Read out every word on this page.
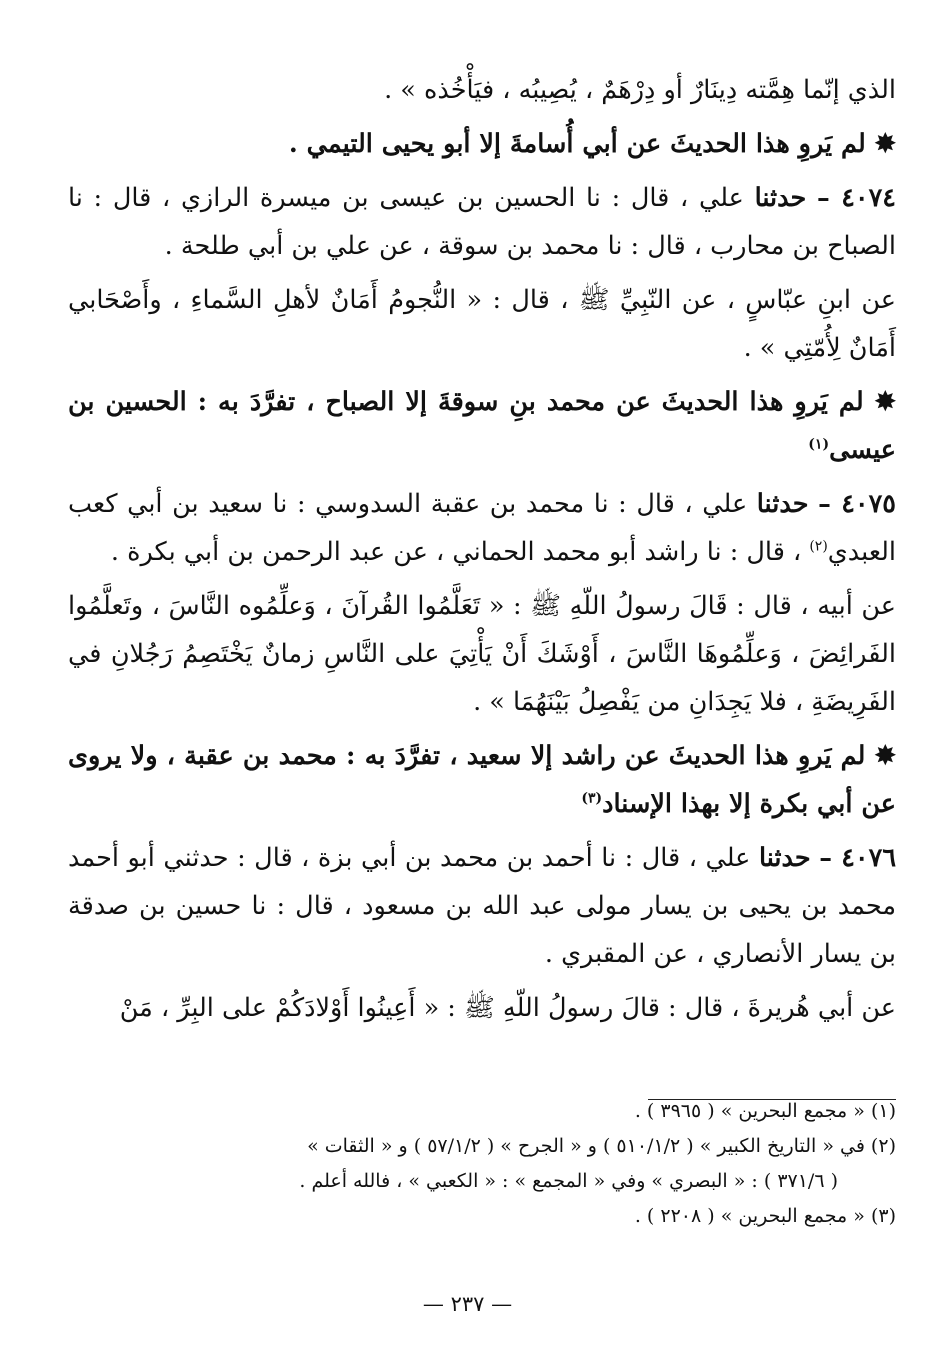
الذي إنّما هِمَّته دِينَارٌ أو دِرْهَمٌ ، يُصِيبُه ، فيَأْخُذه » .

✸ لم يَروِ هذا الحديثَ عن أبي أُسامةَ إلا أبو يحيى التيمي .

٤٠٧٤ – حدثنا علي ، قال : نا الحسين بن عيسى بن ميسرة الرازي ، قال : نا الصباح بن محارب ، قال : نا محمد بن سوقة ، عن علي بن أبي طلحة .

عن ابنِ عبّاسٍ ، عن النّبِيِّ ﷺ ، قال : « النُّجومُ أَمَانٌ لأهلِ السَّماءِ ، وأَصْحَابي أَمَانٌ لِأُمّتِي » .

✸ لم يَروِ هذا الحديثَ عن محمد بنِ سوقةَ إلا الصباح ، تفرَّدَ به : الحسين بن عيسى$^{(١)}$

٤٠٧٥ – حدثنا علي ، قال : نا محمد بن عقبة السدوسي : نا سعيد بن أبي كعب العبدي$^{(٢)}$ ، قال : نا راشد أبو محمد الحماني ، عن عبد الرحمن بن أبي بكرة .

عن أبيه ، قال : قَالَ رسولُ اللّهِ ﷺ : « تَعَلَّمُوا القُرآنَ ، وَعلِّمُوه النَّاسَ ، وتَعلَّمُوا الفَرائِضَ ، وَعلِّمُوهَا النَّاسَ ، أَوْشَكَ أَنْ يَأْتِيَ على النَّاسِ زمانٌ يَخْتَصِمُ رَجُلانِ في الفَرِيضَةِ ، فلا يَجِدَانِ من يَفْصِلُ بَيْنَهُمَا » .

✸ لم يَروِ هذا الحديثَ عن راشد إلا سعيد ، تفرَّدَ به : محمد بن عقبة ، ولا يروى عن أبي بكرة إلا بهذا الإسناد$^{(٣)}$

٤٠٧٦ – حدثنا علي ، قال : نا أحمد بن محمد بن أبي بزة ، قال : حدثني أبو أحمد محمد بن يحيى بن يسار مولى عبد الله بن مسعود ، قال : نا حسين بن صدقة بن يسار الأنصاري ، عن المقبري .

عن أبي هُريرةَ ، قال : قالَ رسولُ اللّهِ ﷺ : « أَعِينُوا أَوْلادَكُمْ على البِرِّ ، مَنْ

(١) « مجمع البحرين » ( ٣٩٦٥ ) .

(٢) في « التاريخ الكبير » ( ٥١٠/١/٢ ) و « الجرح » ( ٥٧/١/٢ ) و « الثقات »

( ٣٧١/٦ ) : « البصري » وفي « المجمع » : « الكعبي » ، فالله أعلم .

(٣) « مجمع البحرين » ( ٢٢٠٨ ) .

— ٢٣٧ —
